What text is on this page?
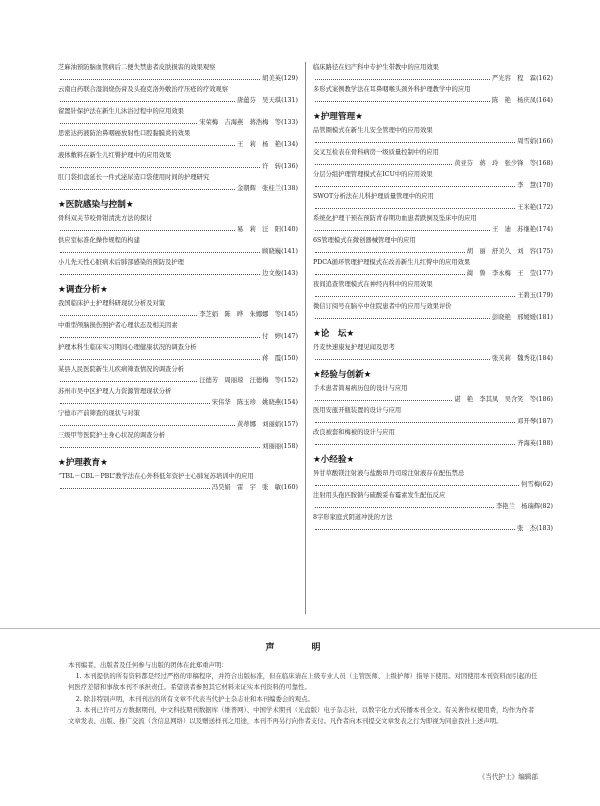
芝麻油预防脑血管病后二便失禁患者皮肤损害的效果观察
胡美英 (129)
云南白药联合湿润烧伤膏及头孢克洛外敷治疗压疮的疗效观察
唐蕴芬　吴天琪 (131)
留置针保护法在新生儿沐浴过程中的应用效果
宋荣梅　吉海燕　蒋浩梅　等 (133)
思密达药液防治鼻咽癌放射性口腔黏膜炎的效果
王　莉　杨　艳 (134)
液体敷料在新生儿红臀护理中的应用效果
许　转 (136)
肛门袋扣盘延长一件式泌尿造口袋使用时间的护理研究
金朝辉　张桂兰 (138)
★医院感染与控制★
骨科双关节咬骨钳清洗方法的探讨
易　莉　汪　阳 (140)
供应室标准化操作规程的构建
顾晓巍 (141)
小儿先天性心脏病术后肺部感染的预防及护理
边文俊 (143)
★调查分析★
我国临床护士护理科研现状分析及对策
李芝娟　陈　晔　朱娜娜　等 (145)
中重型颅脑损伤照护者心理状态及相关因素
付　婷 (147)
护理本科生临床实习期间心理健康状况的调查分析
蒋　霞 (150)
某县人民医院新生儿疾病筛查情况的调查分析
汪德芳　周丽琼　汪德梅　等 (152)
苏州市吴中区护理人力资源管理现状分析
宋伟华　陈玉珍　姚晓燕 (154)
宁德市产前筛查的现状与对策
黄蒂娜　刘丽娟 (157)
三级甲等医院护士身心状况的调查分析
刘丽丽 (158)
★护理教育★
“TBL－CBL－PBL”教学法在心外科低年资护士心肺复苏培训中的应用
冯昊娟　雷　宇　张　敏 (160)
临床路径在妇产科中专护生带教中的应用效果
严光容　程　霖 (162)
多形式案例教学法在耳鼻咽喉头颈外科护理教学中的应用
陈　艳　杨庆凤 (164)
★护理管理★
品管圈模式在新生儿安全管理中的应用效果
周雪娟 (166)
交叉互检表在骨科病房一级质量控制中的应用
黄亚芬　蒋　玲　张少锋　等 (168)
分层分组护理管理模式在ICU中的应用效果
李　慧 (170)
SWOT分析法在儿科护理质量管理中的应用
王米艳 (172)
系统化护理干预在预防青春期功血患者跌倒及坠床中的应用
王　迪　苏继艳 (174)
6S管理模式在微创器械管理中的应用
胡　丽　舒美久　刘　容 (175)
PDCA循环管理护理模式在改善新生儿红臀中的应用效果
蔺　鲁　李永梅　王　莹 (177)
夜间追查管理模式在神经内科中的应用效果
王碧玉 (179)
微信订阅号在脑卒中住院患者中的应用与效果评价
彭晓艳　邢媛媛 (181)
★论　坛★
丹麦快速康复护理见闻及思考
张芙莉　魏秀花 (184)
★经验与创新★
手术患者简易病历包的设计与应用
谌　艳　李其凤　吴含笑　等 (186)
医用安瓿开瓶装置的设计与应用
邓开琴 (187)
改良被套和梅被的设计与应用
齐海英 (188)
★小经验★
异甘草酸镁注射液与盐酸昂丹司琼注射液存在配伍禁忌
何雪梅 (62)
注射用头孢匹胺钠与硫酸妥布霉素发生配伍反应
李艳兰　杨瑞辉 (82)
8字形家庭式阴道冲洗的方法
张　杰 (183)
声　明

本刊编者、出版者及任何参与出版的团体在此郑重声明：

1. 本刊提供的所有资料都是经过严格的审稿程序，并符合出版标准，但在临床请在上级专业人员（主管医师、上级护师）指导下使用。对因使用本刊资料而引起的任何医疗差错和事故本刊不承担责任。希望读者参照其它材料来证实本刊资料的可靠性。

2. 除非特别声明，本刊刊出的所有文章不代表当代护士杂志社和本刊编委会的观点。

3. 本刊已许可万方数据期刊、中文科技期刊数据库（维普网）、中国学术期刊（光盘版）电子杂志社，以数字化方式传播本刊全文。有关著作权使用费，均作为作者文章发表、出版、推广交流（含信息网络）以及赠送样刊之用途，本刊不再另行向作者支付。凡作者向本刊提交文章发表之行为即视为同意我社上述声明。

《当代护士》编辑部
